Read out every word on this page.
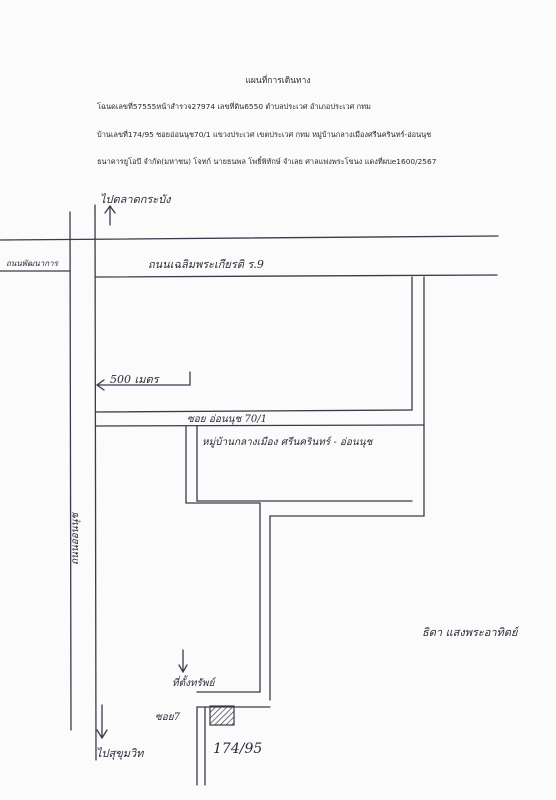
แผนที่การเดินทาง
โฉนดเลขที่57555หน้าสำรวจ27974 เลขที่ดิน6550 ตำบลประเวศ อำเภอประเวศ กทม
บ้านเลขที่174/95 ซอยอ่อนนุช70/1 แขวงประเวศ เขตประเวศ กทม หมู่บ้านกลางเมืองศรีนครินทร์-อ่อนนุช
ธนาคารยูโอบี จำกัด(มหาชน) โจทก์ นายธนพล โพธิ์พิทักษ์ จำเลย ศาลแพ่งพระโขนง แดงที่ผบe1600/2567
ไปตลาดกระบัง
ถนนพัฒนาการ	ถนนเฉลิมพระเกียรติ ร.9
500 เมตร
ซอย อ่อนนุช 70/1
หมู่บ้านกลางเมือง ศรีนครินทร์ - อ่อนนุช
ถนนอ่อนนุช
ไปสุขุมวิท
ที่ตั้งทรัพย์
ซอย7
174/95
ธิดา แสงพระอาทิตย์
